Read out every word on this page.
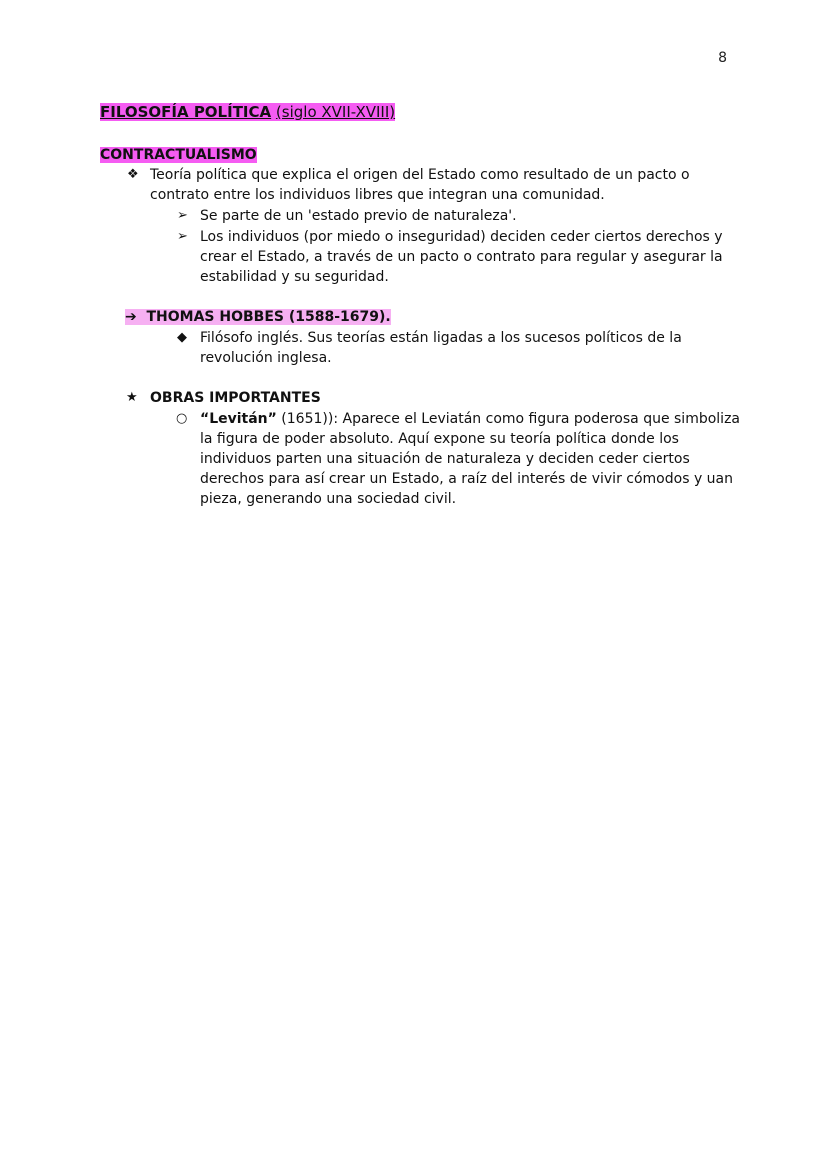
8
FILOSOFÍA POLÍTICA (siglo XVII-XVIII)
CONTRACTUALISMO
❖ Teoría política que explica el origen del Estado como resultado de un pacto o
contrato entre los individuos libres que integran una comunidad.
➢ Se parte de un 'estado previo de naturaleza'.
➢ Los individuos (por miedo o inseguridad) deciden ceder ciertos derechos y
crear el Estado, a través de un pacto o contrato para regular y asegurar la
estabilidad y su seguridad.
➔ THOMAS HOBBES (1588-1679).
◆ Filósofo inglés. Sus teorías están ligadas a los sucesos políticos de la
revolución inglesa.
★ OBRAS IMPORTANTES
○ “Levitán” (1651)): Aparece el Leviatán como figura poderosa que simboliza
la figura de poder absoluto. Aquí expone su teoría política donde los
individuos parten una situación de naturaleza y deciden ceder ciertos
derechos para así crear un Estado, a raíz del interés de vivir cómodos y uan
pieza, generando una sociedad civil.
